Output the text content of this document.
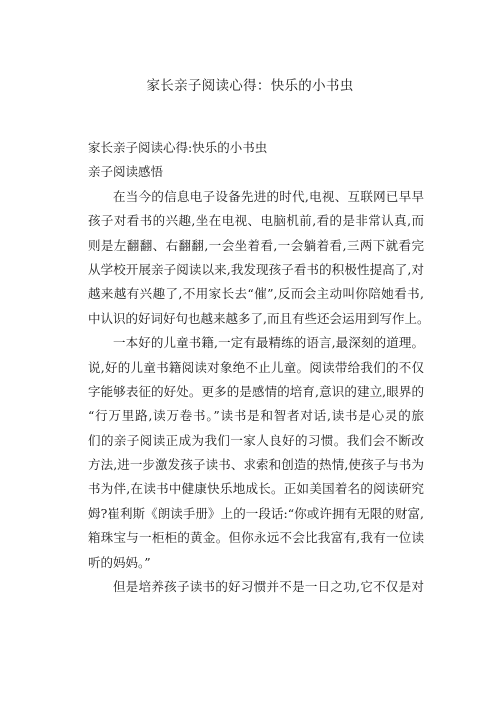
家长亲子阅读心得：快乐的小书虫
家长亲子阅读心得:快乐的小书虫
亲子阅读感悟
在当今的信息电子设备先进的时代,电视、互联网已早早
孩子对看书的兴趣,坐在电视、电脑机前,看的是非常认真,而
则是左翻翻、右翻翻,一会坐着看,一会躺着看,三两下就看完
从学校开展亲子阅读以来,我发现孩子看书的积极性提高了,对
越来越有兴趣了,不用家长去“催”,反而会主动叫你陪她看书,
中认识的好词好句也越来越多了,而且有些还会运用到写作上。
一本好的儿童书籍,一定有最精练的语言,最深刻的道理。
说,好的儿童书籍阅读对象绝不止儿童。阅读带给我们的不仅
字能够表征的好处。更多的是感情的培育,意识的建立,眼界的
“行万里路,读万卷书。”读书是和智者对话,读书是心灵的旅
们的亲子阅读正成为我们一家人良好的习惯。我们会不断改
方法,进一步激发孩子读书、求索和创造的热情,使孩子与书为
书为伴,在读书中健康快乐地成长。正如美国着名的阅读研究
姆?崔利斯《朗读手册》上的一段话:“你或许拥有无限的财富,
箱珠宝与一柜柜的黄金。但你永远不会比我富有,我有一位读
听的妈妈。”
但是培养孩子读书的好习惯并不是一日之功,它不仅是对
